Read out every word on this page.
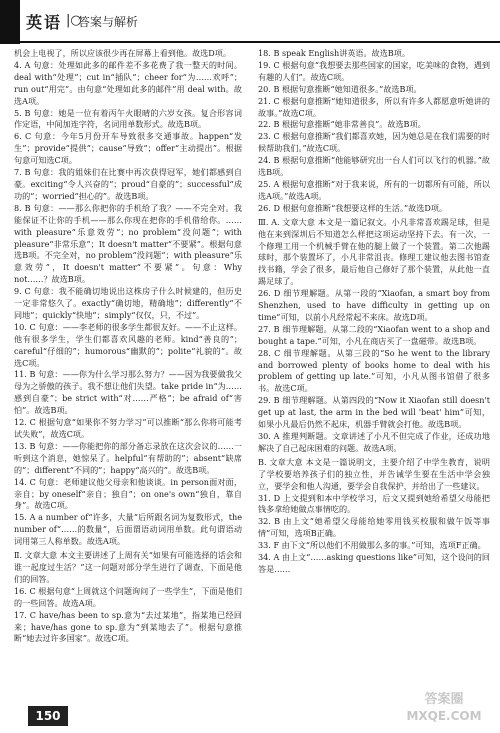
英语 |○
答案与解析

机会上电视了，所以应该很少再在屏幕上看到他。故选D项。

4. A 句意：处理如此多的邮件差不多花费了我一整天的时间。deal with“处理”；cut in“插队”；cheer for“为……欢呼”；run out“用完”。由句意“处理如此多的邮件”用 deal with。故选A项。

5. B 句意：她是一位有着丙午火眼晴的六岁女孩。复合形容词作定语，中间加连字符，名词用单数形式。故选B项。

6. C 句意：今年5月份开车导致很多交通事故。happen“发生”；provide“提供”；cause“导致”；offer“主动提出”。根据句意可知选C项。

7. B 句意：我的姐妹们在比赛中再次获得冠军，她们都感到自豪。exciting“令人兴奋的”；proud“自豪的”；successful“成功的”；worried“担心的”。故选B项。

8. B 句意：——那么你把你的手机给了我？——不完全对。我能保证不让你的手机——那么你现在把你的手机借给你。……with pleasure“乐意效劳”；no problem“没问题”；with pleasure“非常乐意”；It doesn't matter“不要紧”。根据句意选B项。不完全对，no problem“没问题”；with pleasure“乐意效劳”，It doesn't matter“不要紧”。句意：Why not……？故选B项。

9. C 句意：我不能确切地说出这株房子什么时候建的，但历史一定非常悠久了。exactly“确切地，精确地”；differently“不同地”；quickly“快地”；simply“仅仅，只，不过”。

10. C 句意：——李老师的很多学生都很友好。——不止这样。他有很多学生，学生们都喜欢风趣的老师。kind“善良的”；careful“仔细的”；humorous“幽默的”；polite“礼貌的”。故选C项。

11. B 句意：——你为什么学习那么努力？——因为我要做我父母为之骄傲的孩子。我不想让他们失望。take pride in“为……感到自豪”；be strict with“对……严格”；be afraid of“害怕”。故选B项。

12. C 根据句意“如果你不努力学习”可以推断“那么你将可能考试失败”，故选C项。

13. B 句意：——你能把你的部分备忘录放在这次会议的……一听到这个消息，她惊呆了。helpful“有帮助的”；absent“缺席的”；different“不同的”；happy“高兴的”。故选B项。

14. C 句意：老师建议他父母亲和他谈谈。in person面对面，亲自；by oneself“亲自；独自”；on one's own“独自，靠自身”。故选C项。

15. A a number of“许多，大量”后所跟名词为复数形式，the number of“……的数量”，后面谓语动词用单数。此句谓语动词用第三人称单数。故选A项。

Ⅱ. 文章大意 本文主要讲述了上周有关“如果有可能选择的话会和谁一起度过生活？”这一问题对部分学生进行了调查，下面是他们的回答。

16. C 根据句意“上周就这个问题询问了一些学生”，下面是他们的一些回答。故选A项。

17. C have/has been to sp.意为“去过某地”，指某地已经回来；have/has gone to sp.意为“到某地去了”。根据句意推断“她去过许多国家”。故选C项。

18. B speak English讲英语。故选B项。

19. C 根据句意“我想要去那些国家的国家，吃美味的食物，遇到有趣的人们”。故选C项。

20. B 根据句意推断“她知道很多。”故选B项。

21. C 根据句意推断“她知道很多，所以有许多人都愿意听她讲的故事。”故选C项。

22. B 根据句意推断“她非常善良”。故选B项。

23. C 根据句意推断“我们都喜欢她，因为她总是在我们需要的时候帮助我们。”故选C项。

24. B 根据句意推断“他能够研究出一台人们可以飞行的机器。”故选B项。

25. A 根据句意推断“对于我来说，所有的一切都所有可能，所以选A项。”故选A项。

26. D 根据句意推断“我想要这样的生活。”故选D项。

Ⅲ. A. 文章大意 本文是一篇记叙文。小凡非常喜欢踢足球，但是他在来到深圳后不知道怎么样把这项运动坚持下去。有一次，一个修理工用一个机械手臂在他的腿上做了一个装置。第二次他踢球时，那个装置坏了，小凡非常沮丧。修理工建议他去图书馆查找书籍，学会了很多，最后他自己修好了那个装置，从此他一直踢足球了。

26. D 细节理解题。从第一段的“Xiaofan, a smart boy from Shenzhen, used to have difficulty in getting up on time”可知，以前小凡经常起不来床。故选D项。

27. B 细节理解题。从第二段的“Xiaofan went to a shop and bought a tape.”可知，小凡在商店买了一盘磁带。故选B项。

28. C 细节理解题。从第三段的“So he went to the library and borrowed plenty of books home to deal with his problem of getting up late.”可知，小凡从图书馆借了很多书。故选C项。

29. B 细节理解题。从第四段的“Now it Xiaofan still doesn't get up at last, the arm in the bed will 'beat' him”可知，如果小凡最后仍然不起床，机器手臂就会打他。故选B项。

30. A 推理判断题。文章讲述了小凡不但完成了作业，还成功地解决了自己起床困难的问题。故选A项。

B. 文章大意 本文是一篇说明文，主要介绍了中学生教育，说明了学校要培养孩子们的独立性，并告诫学生要在生活中学会独立，要学会和他人沟通，要学会自我保护，并给出了一些建议。

31. D 上文提到和本中学校学习，后文又提到她给希望父母能把钱多拿给她做点事情吃的。

32. B 由上文“她希望父母能给她零用钱买校服和做午饭等事情”可知，选项B正确。

33. F 由下文“所以他们不用做那么多的事。”可知，选项F正确。

34. A 由上文“……asking questions like”可知，这个设问的回答是……

150
答案圈
MXQE.COM
